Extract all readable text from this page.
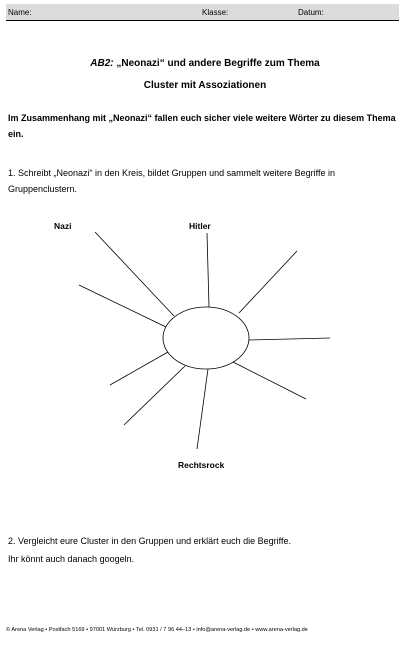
Name:	Klasse:	Datum:
AB2: „Neonazi“ und andere Begriffe zum Thema
Cluster mit Assoziationen
Im Zusammenhang mit „Neonazi“ fallen euch sicher viele weitere Wörter zu diesem Thema ein.
1. Schreibt „Neonazi“ in den Kreis, bildet Gruppen und sammelt weitere Begriffe in Gruppenclustern.
Nazi	Hitler
Rechtsrock
2. Vergleicht eure Cluster in den Gruppen und erklärt euch die Begriffe.
Ihr könnt auch danach googeln.
© Arena Verlag • Postfach 5169 • 97001 Würzburg • Tel. 0931 / 7 96 44–13 • info@arena-verlag.de • www.arena-verlag.de
